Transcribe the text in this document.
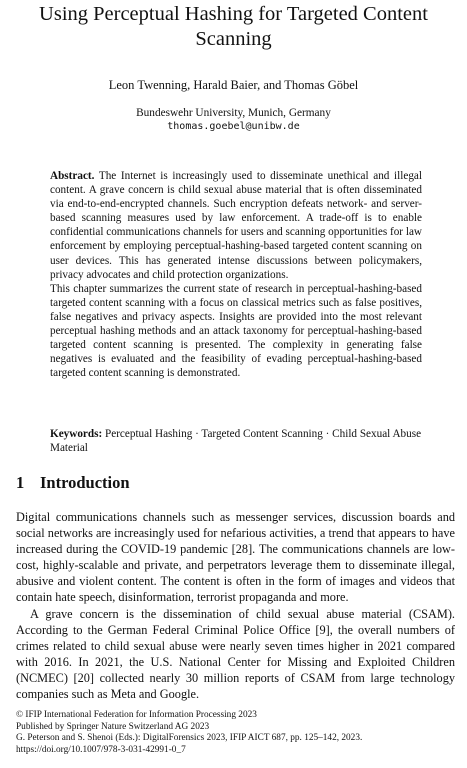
Using Perceptual Hashing for Targeted Content Scanning
Leon Twenning, Harald Baier, and Thomas Göbel
Bundeswehr University, Munich, Germany
thomas.goebel@unibw.de

Abstract. The Internet is increasingly used to disseminate unethical and illegal content. A grave concern is child sexual abuse material that is often disseminated via end-to-end-encrypted channels. Such encryption defeats network- and server-based scanning measures used by law enforcement. A trade-off is to enable confidential communications channels for users and scanning opportunities for law enforcement by employing perceptual-hashing-based targeted content scanning on user devices. This has generated intense discussions between policymakers, privacy advocates and child protection organizations.

This chapter summarizes the current state of research in perceptual-hashing-based targeted content scanning with a focus on classical metrics such as false positives, false negatives and privacy aspects. Insights are provided into the most relevant perceptual hashing methods and an attack taxonomy for perceptual-hashing-based targeted content scanning is presented. The complexity in generating false negatives is evaluated and the feasibility of evading perceptual-hashing-based targeted content scanning is demonstrated.

Keywords: Perceptual Hashing · Targeted Content Scanning · Child Sexual Abuse Material
1 Introduction

Digital communications channels such as messenger services, discussion boards and social networks are increasingly used for nefarious activities, a trend that appears to have increased during the COVID-19 pandemic [28]. The communications channels are low-cost, highly-scalable and private, and perpetrators leverage them to disseminate illegal, abusive and violent content. The content is often in the form of images and videos that contain hate speech, disinformation, terrorist propaganda and more.

A grave concern is the dissemination of child sexual abuse material (CSAM). According to the German Federal Criminal Police Office [9], the overall numbers of crimes related to child sexual abuse were nearly seven times higher in 2021 compared with 2016. In 2021, the U.S. National Center for Missing and Exploited Children (NCMEC) [20] collected nearly 30 million reports of CSAM from large technology companies such as Meta and Google.

© IFIP International Federation for Information Processing 2023
Published by Springer Nature Switzerland AG 2023
G. Peterson and S. Shenoi (Eds.): DigitalForensics 2023, IFIP AICT 687, pp. 125–142, 2023.
https://doi.org/10.1007/978-3-031-42991-0_7
